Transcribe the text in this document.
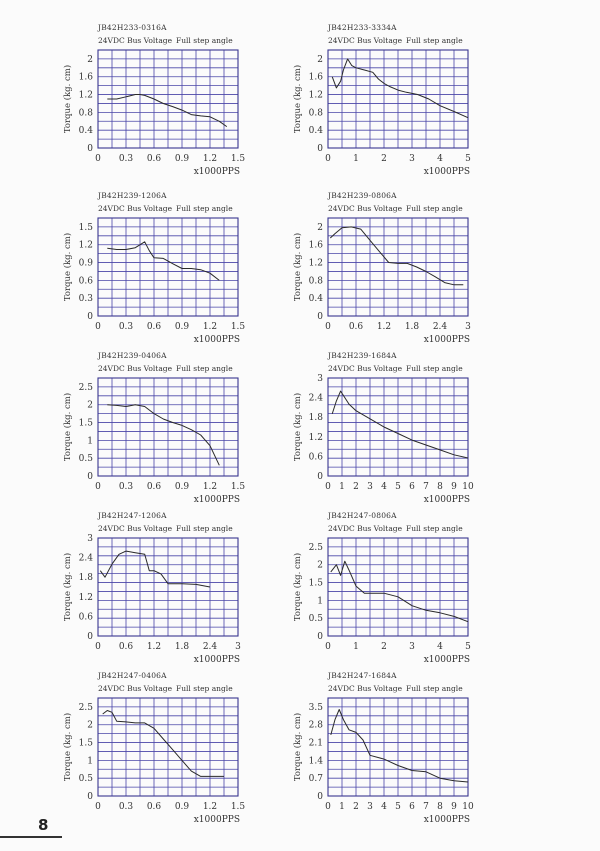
JB42H233-0316A
24VDC Bus Voltage Full step angle
0 0.3 0.6 0.9 1.2 1.5
0
0.4
0.8
1.2
1.6
2
x1000PPS
Torque (kg. cm)
JB42H233-3334A
24VDC Bus Voltage Full step angle
0 1 2 3 4 5
0
0.4
0.8
1.2
1.6
2
x1000PPS
Torque (kg. cm)
JB42H239-1206A
24VDC Bus Voltage Full step angle
0 0.3 0.6 0.9 1.2 1.5
0
0.3
0.6
0.9
1.2
1.5
x1000PPS
Torque (kg. cm)
JB42H239-0806A
24VDC Bus Voltage Full step angle
0 0.6 1.2 1.8 2.4 3
0
0.4
0.8
1.2
1.6
2
x1000PPS
Torque (kg. cm)
JB42H239-0406A
24VDC Bus Voltage Full step angle
0 0.3 0.6 0.9 1.2 1.5
0
0.5
1
1.5
2
2.5
x1000PPS
Torque (kg. cm)
JB42H239-1684A
24VDC Bus Voltage Full step angle
0 1 2 3 4 5 6 7 8 9 10
0
0.6
1.2
1.8
2.4
3
x1000PPS
Torque (kg. cm)
JB42H247-1206A
24VDC Bus Voltage Full step angle
0 0.6 1.2 1.8 2.4 3
0
0.6
1.2
1.8
2.4
3
x1000PPS
Torque (kg. cm)
JB42H247-0806A
24VDC Bus Voltage Full step angle
0 1 2 3 4 5
0
0.5
1
1.5
2
2.5
x1000PPS
Torque (kg. cm)
JB42H247-0406A
24VDC Bus Voltage Full step angle
0 0.3 0.6 0.9 1.2 1.5
0
0.5
1
1.5
2
2.5
x1000PPS
Torque (kg. cm)
JB42H247-1684A
24VDC Bus Voltage Full step angle
0 1 2 3 4 5 6 7 8 9 10
0
0.7
1.4
2.1
2.8
3.5
x1000PPS
Torque (kg. cm)
8
